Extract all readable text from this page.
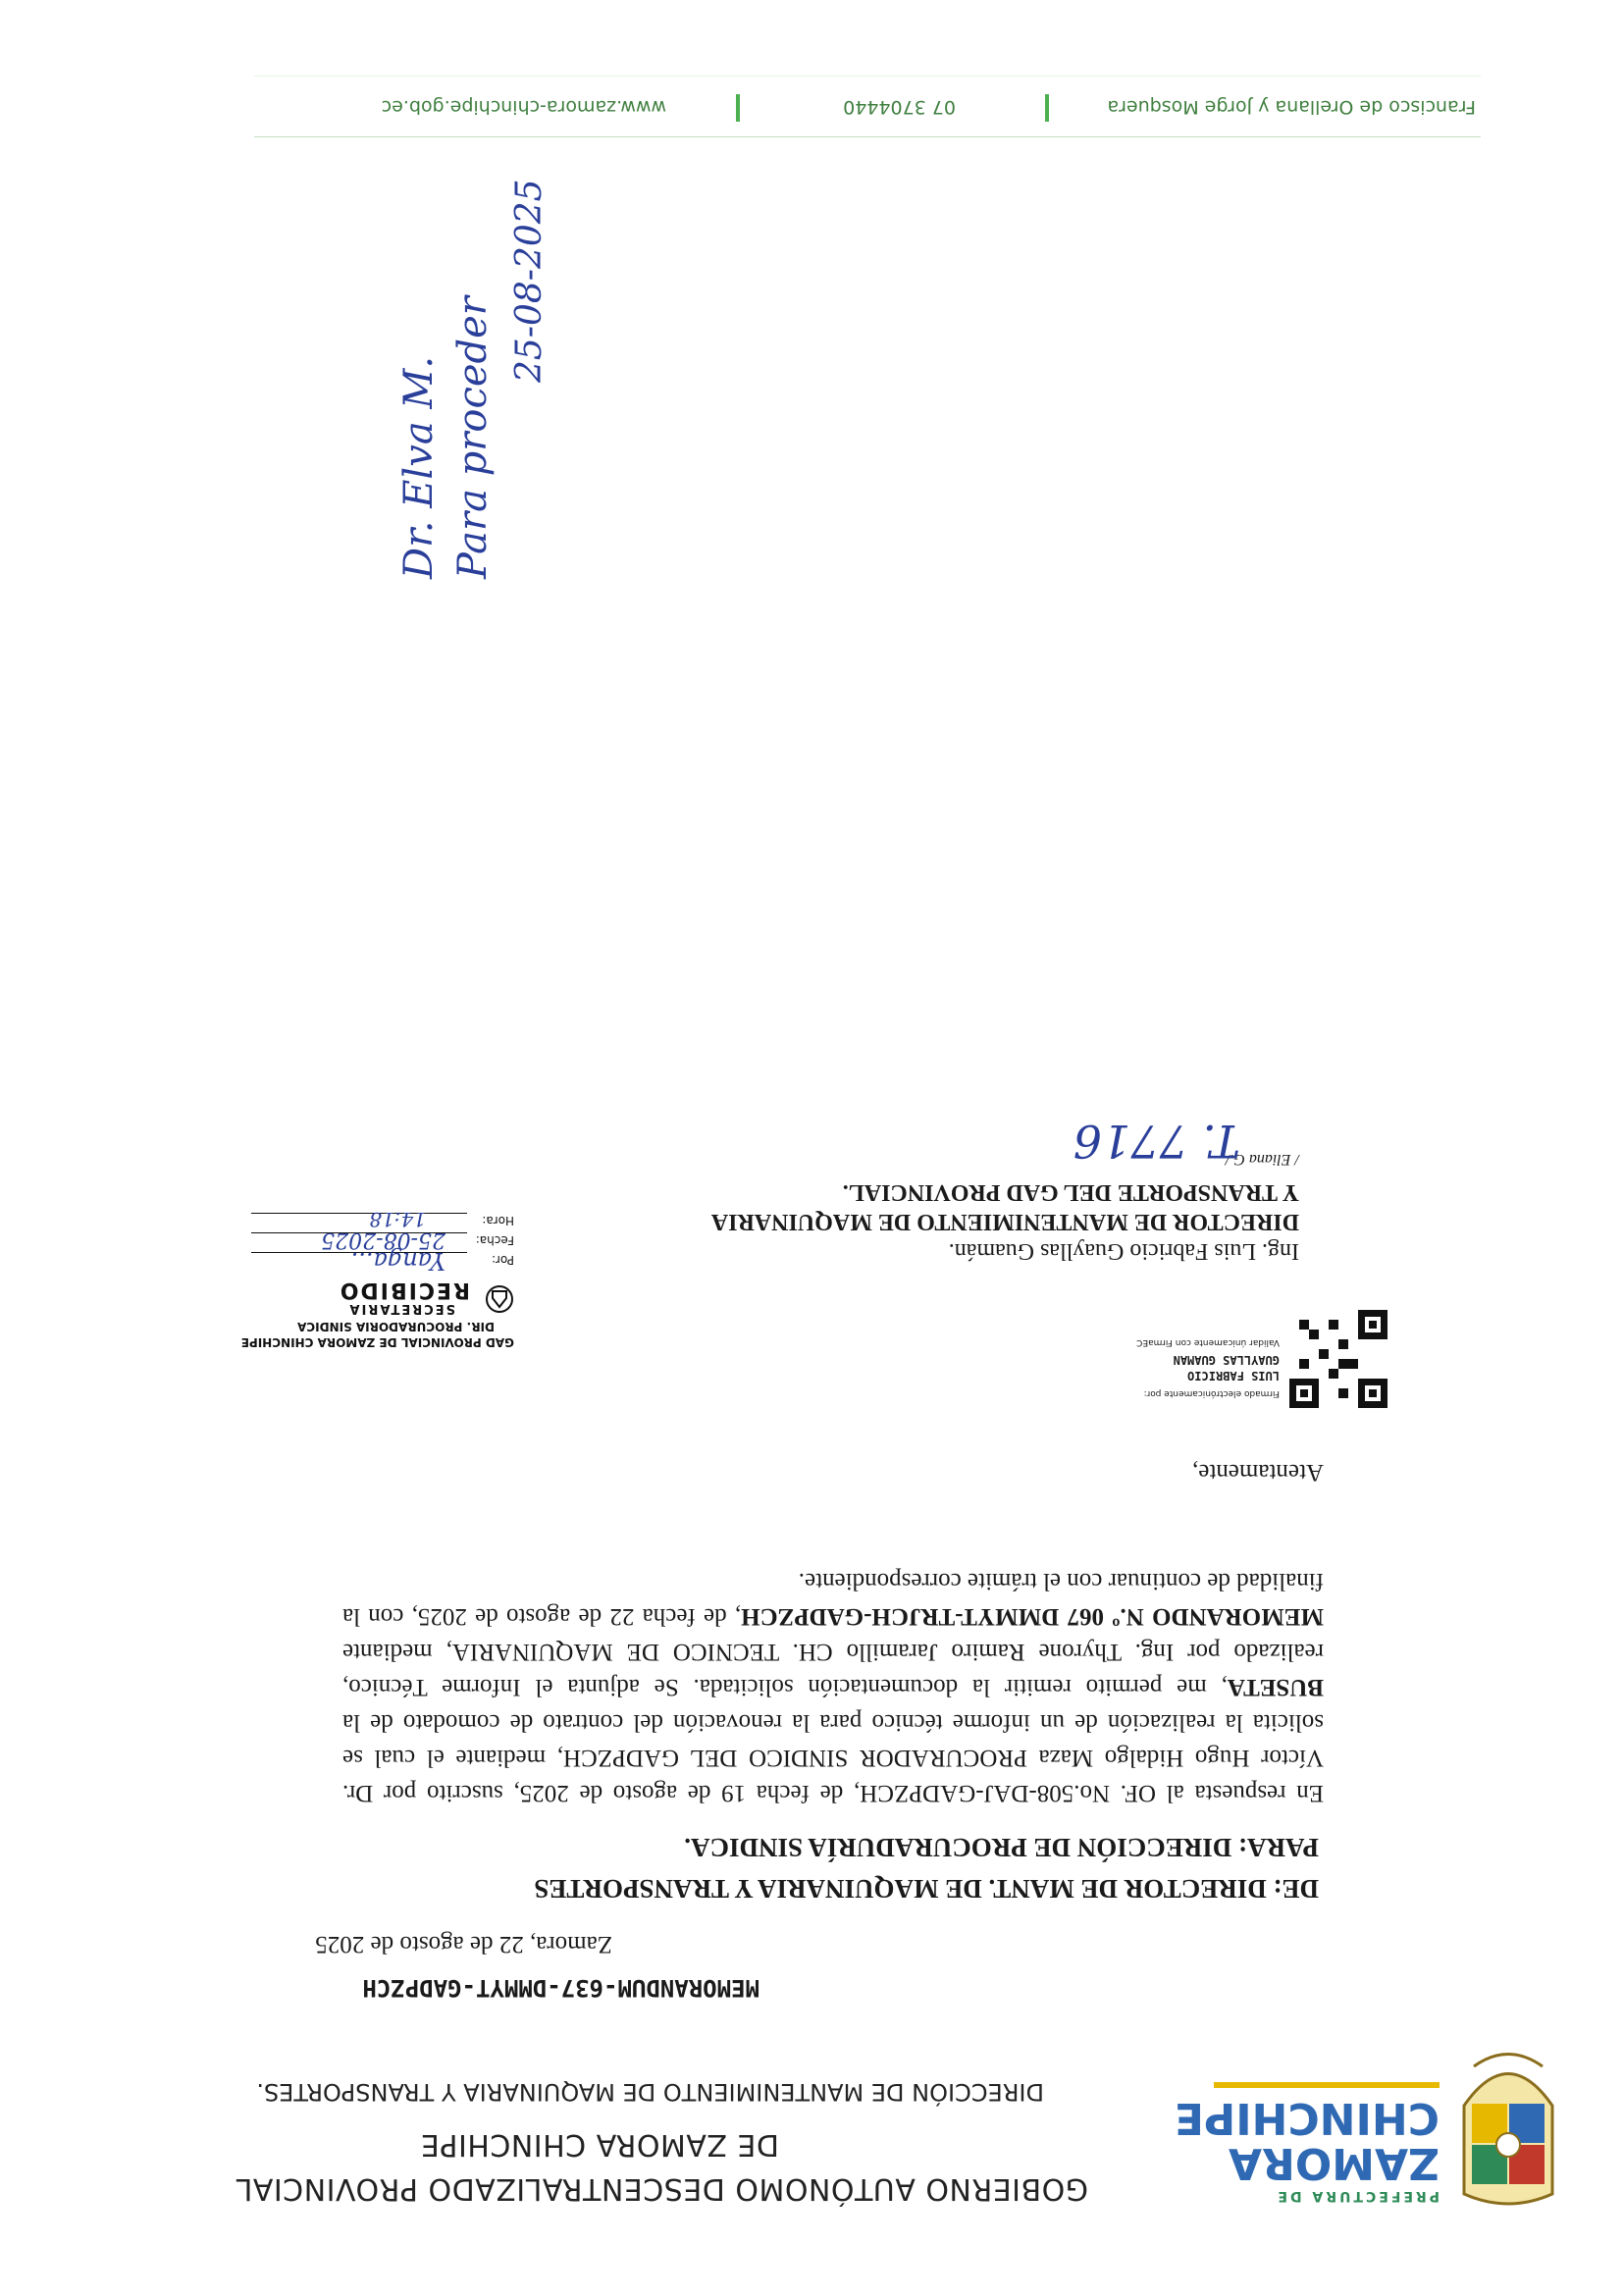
PREFECTURA DE
ZAMORA
CHINCHIPE
GOBIERNO AUTÓNOMO DESCENTRALIZADO PROVINCIAL
DE ZAMORA CHINCHIPE
DIRECCIÓN DE MANTENIMIENTO DE MAQUINARIA Y TRANSPORTES.
MEMORANDUM-637-DMMYT-GADPZCH
Zamora, 22 de agosto de 2025
DE: DIRECTOR DE MANT. DE MAQUINARIA Y TRANSPORTES
PARA: DIRECCIÓN DE PROCURADURÍA SINDICA.
En respuesta al OF. No.508-DAJ-GADPZCH, de fecha 19 de agosto de 2025, suscrito por Dr. Víctor Hugo Hidalgo Maza PROCURADOR SINDICO DEL GADPZCH, mediante el cual se solicita la realización de un informe técnico para la renovación del contrato de comodato de la BUSETA, me permito remitir la documentación solicitada. Se adjunta el Informe Técnico, realizado por Ing. Thyrone Ramiro Jaramillo CH. TECNICO DE MAQUINARIA, mediante MEMORANDO N.º 067 DMMYT-TRJCH-GADPZCH, de fecha 22 de agosto de 2025, con la finalidad de continuar con el trámite correspondiente.
Atentamente,
Firmado electrónicamente por:
LUIS FABRICIO
GUAYLLAS GUAMAN
Validar únicamente con FirmaEC
Ing. Luis Fabricio Guayllas Guamán.
DIRECTOR DE MANTENIMIENTO DE MAQUINARIA
Y TRANSPORTE DEL GAD PROVINCIAL.
/ Eliana G./.
T. 7716
GAD PROVINCIAL DE ZAMORA CHINCHIPE
DIR. PROCURADORIA SINDICA
SECRETARIA
RECIBIDO
Por:
Fecha:
Hora:
Yanga...
25-08-2025
14:18
Dr. Elva M. Para proceder
25-08-2025
Francisco de Orellana y Jorge Mosquera
07 3704440
www.zamora-chinchipe.gob.ec
